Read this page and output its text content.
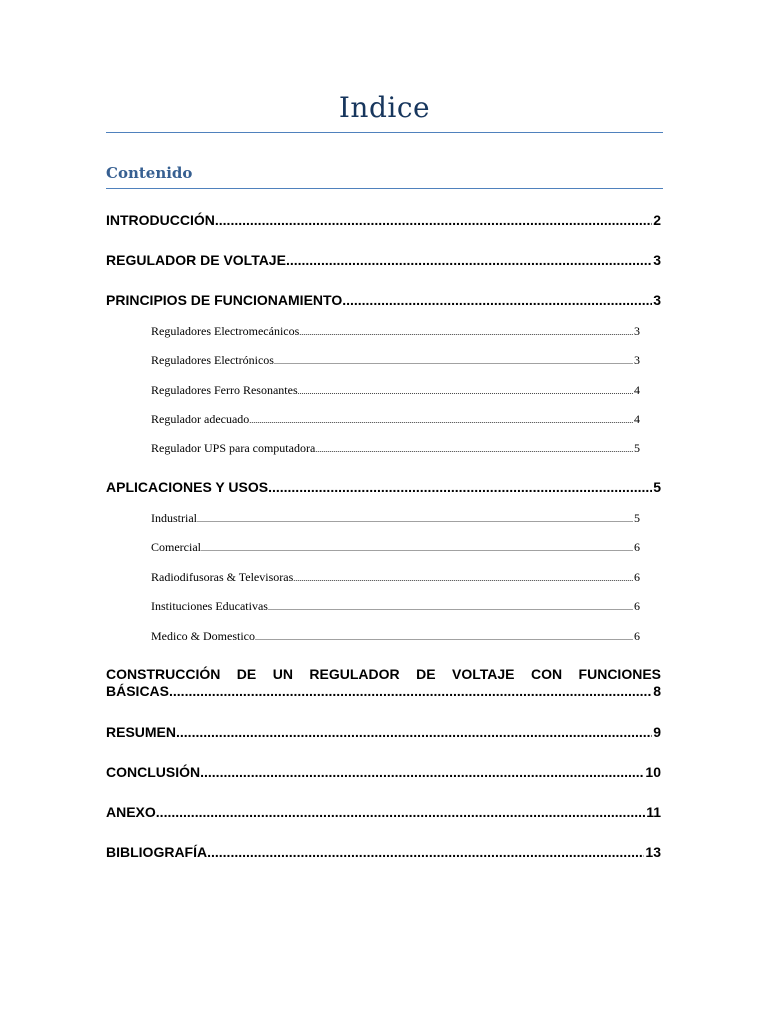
Indice
Contenido
INTRODUCCIÓN .....	2
REGULADOR DE VOLTAJE .....	3
PRINCIPIOS DE FUNCIONAMIENTO .....	3
Reguladores Electromecánicos .....	3
Reguladores Electrónicos .....	3
Reguladores Ferro Resonantes .....	4
Regulador adecuado .....	4
Regulador UPS para computadora .....	5
APLICACIONES Y USOS .....	5
Industrial .....	5
Comercial .....	6
Radiodifusoras & Televisoras .....	6
Instituciones Educativas .....	6
Medico & Domestico .....	6
CONSTRUCCIÓN DE UN REGULADOR DE VOLTAJE CON FUNCIONES
BÁSICAS .....	8
RESUMEN .....	9
CONCLUSIÓN .....	10
ANEXO .....	11
BIBLIOGRAFÍA .....	13
